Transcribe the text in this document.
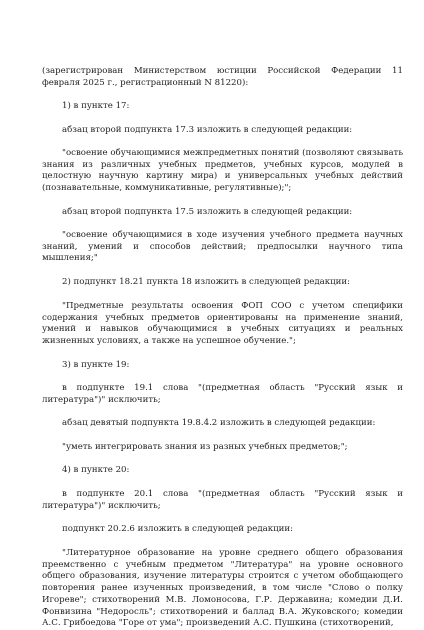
(зарегистрирован Министерством юстиции Российской Федерации 11 февраля 2025 г., регистрационный N 81220):

1) в пункте 17:

абзац второй подпункта 17.3 изложить в следующей редакции:

"освоение обучающимися межпредметных понятий (позволяют связывать знания из различных учебных предметов, учебных курсов, модулей в целостную научную картину мира) и универсальных учебных действий (познавательные, коммуникативные, регулятивные);";

абзац второй подпункта 17.5 изложить в следующей редакции:

"освоение обучающимися в ходе изучения учебного предмета научных знаний, умений и способов действий; предпосылки научного типа мышления;"

2) подпункт 18.21 пункта 18 изложить в следующей редакции:

"Предметные результаты освоения ФОП СОО с учетом специфики содержания учебных предметов ориентированы на применение знаний, умений и навыков обучающимися в учебных ситуациях и реальных жизненных условиях, а также на успешное обучение.";

3) в пункте 19:

в подпункте 19.1 слова "(предметная область "Русский язык и литература")" исключить;

абзац девятый подпункта 19.8.4.2 изложить в следующей редакции:

"уметь интегрировать знания из разных учебных предметов;";

4) в пункте 20:

в подпункте 20.1 слова "(предметная область "Русский язык и литература")" исключить;

подпункт 20.2.6 изложить в следующей редакции:

"Литературное образование на уровне среднего общего образования преемственно с учебным предметом "Литература" на уровне основного общего образования, изучение литературы строится с учетом обобщающего повторения ранее изученных произведений, в том числе "Слово о полку Игореве"; стихотворений М.В. Ломоносова, Г.Р. Державина; комедии Д.И. Фонвизина "Недоросль"; стихотворений и баллад В.А. Жуковского; комедии А.С. Грибоедова "Горе от ума"; произведений А.С. Пушкина (стихотворений,
